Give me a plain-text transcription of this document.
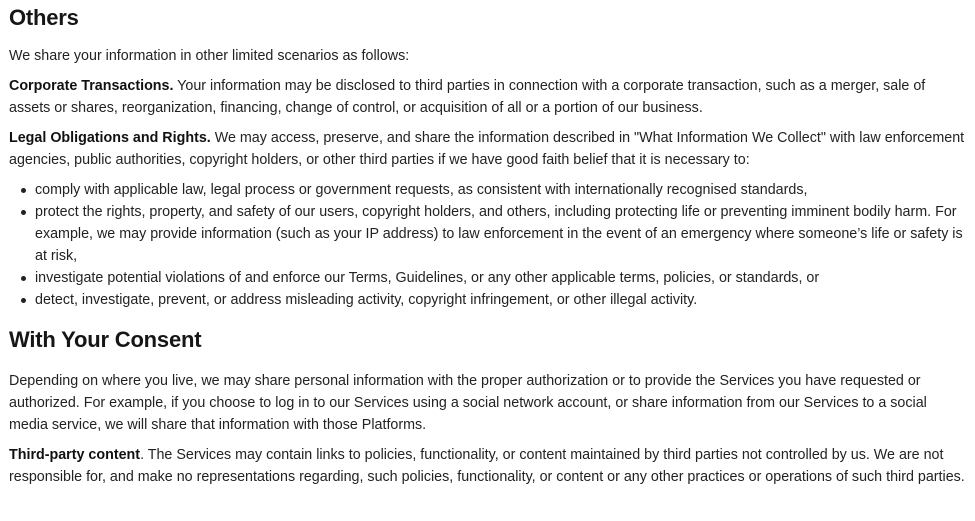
Others

We share your information in other limited scenarios as follows:

Corporate Transactions. Your information may be disclosed to third parties in connection with a corporate transaction, such as a merger, sale of assets or shares, reorganization, financing, change of control, or acquisition of all or a portion of our business.

Legal Obligations and Rights. We may access, preserve, and share the information described in "What Information We Collect" with law enforcement agencies, public authorities, copyright holders, or other third parties if we have good faith belief that it is necessary to:

comply with applicable law, legal process or government requests, as consistent with internationally recognised standards,
protect the rights, property, and safety of our users, copyright holders, and others, including protecting life or preventing imminent bodily harm. For example, we may provide information (such as your IP address) to law enforcement in the event of an emergency where someone’s life or safety is at risk,
investigate potential violations of and enforce our Terms, Guidelines, or any other applicable terms, policies, or standards, or
detect, investigate, prevent, or address misleading activity, copyright infringement, or other illegal activity.
With Your Consent

Depending on where you live, we may share personal information with the proper authorization or to provide the Services you have requested or authorized. For example, if you choose to log in to our Services using a social network account, or share information from our Services to a social media service, we will share that information with those Platforms.

Third-party content. The Services may contain links to policies, functionality, or content maintained by third parties not controlled by us. We are not responsible for, and make no representations regarding, such policies, functionality, or content or any other practices or operations of such third parties.
